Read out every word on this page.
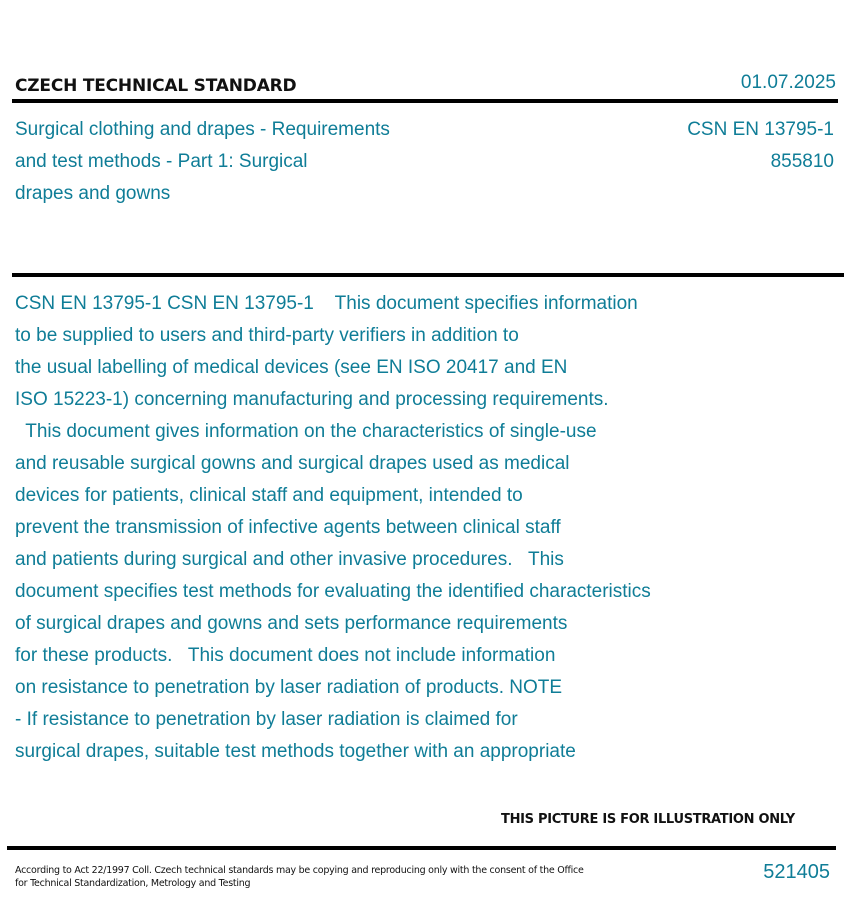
CZECH TECHNICAL STANDARD	01.07.2025
Surgical clothing and drapes - Requirements
and test methods - Part 1: Surgical
drapes and gowns
CSN EN 13795-1
855810
CSN EN 13795-1 CSN EN 13795-1    This document specifies information
to be supplied to users and third-party verifiers in addition to
the usual labelling of medical devices (see EN ISO 20417 and EN
ISO 15223-1) concerning manufacturing and processing requirements.
This document gives information on the characteristics of single-use
and reusable surgical gowns and surgical drapes used as medical
devices for patients, clinical staff and equipment, intended to
prevent the transmission of infective agents between clinical staff
and patients during surgical and other invasive procedures.   This
document specifies test methods for evaluating the identified characteristics
of surgical drapes and gowns and sets performance requirements
for these products.   This document does not include information
on resistance to penetration by laser radiation of products. NOTE
- If resistance to penetration by laser radiation is claimed for
surgical drapes, suitable test methods together with an appropriate
THIS PICTURE IS FOR ILLUSTRATION ONLY
According to Act 22/1997 Coll. Czech technical standards may be copying and reproducing only with the consent of the Office
for Technical Standardization, Metrology and Testing	521405
